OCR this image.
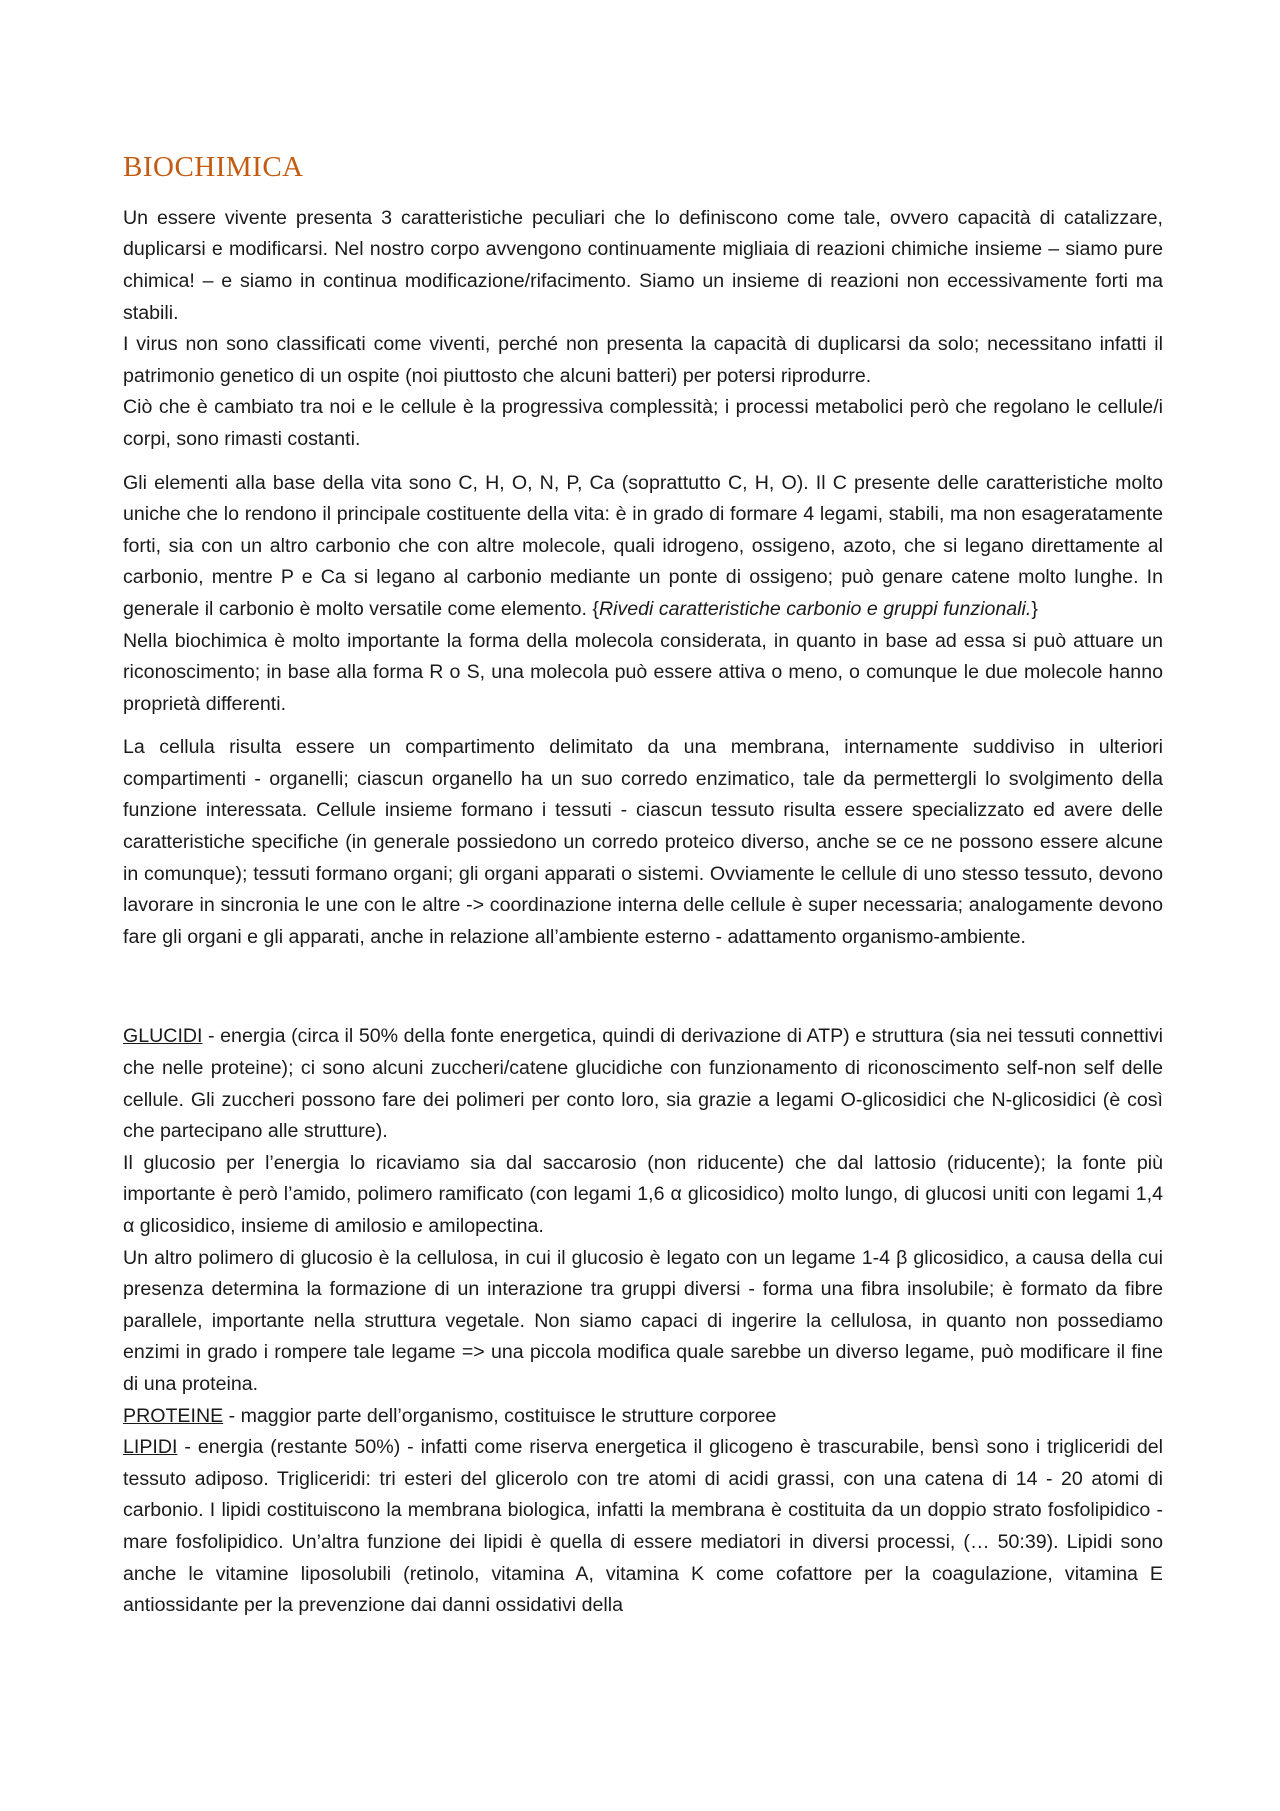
BIOCHIMICA

Un essere vivente presenta 3 caratteristiche peculiari che lo definiscono come tale, ovvero capacità di catalizzare, duplicarsi e modificarsi. Nel nostro corpo avvengono continuamente migliaia di reazioni chimiche insieme – siamo pure chimica! – e siamo in continua modificazione/rifacimento. Siamo un insieme di reazioni non eccessivamente forti ma stabili.

I virus non sono classificati come viventi, perché non presenta la capacità di duplicarsi da solo; necessitano infatti il patrimonio genetico di un ospite (noi piuttosto che alcuni batteri) per potersi riprodurre.

Ciò che è cambiato tra noi e le cellule è la progressiva complessità; i processi metabolici però che regolano le cellule/i corpi, sono rimasti costanti.

Gli elementi alla base della vita sono C, H, O, N, P, Ca (soprattutto C, H, O). Il C presente delle caratteristiche molto uniche che lo rendono il principale costituente della vita: è in grado di formare 4 legami, stabili, ma non esageratamente forti, sia con un altro carbonio che con altre molecole, quali idrogeno, ossigeno, azoto, che si legano direttamente al carbonio, mentre P e Ca si legano al carbonio mediante un ponte di ossigeno; può genare catene molto lunghe. In generale il carbonio è molto versatile come elemento. {Rivedi caratteristiche carbonio e gruppi funzionali.}

Nella biochimica è molto importante la forma della molecola considerata, in quanto in base ad essa si può attuare un riconoscimento; in base alla forma R o S, una molecola può essere attiva o meno, o comunque le due molecole hanno proprietà differenti.

La cellula risulta essere un compartimento delimitato da una membrana, internamente suddiviso in ulteriori compartimenti - organelli; ciascun organello ha un suo corredo enzimatico, tale da permettergli lo svolgimento della funzione interessata. Cellule insieme formano i tessuti - ciascun tessuto risulta essere specializzato ed avere delle caratteristiche specifiche (in generale possiedono un corredo proteico diverso, anche se ce ne possono essere alcune in comunque); tessuti formano organi; gli organi apparati o sistemi. Ovviamente le cellule di uno stesso tessuto, devono lavorare in sincronia le une con le altre -> coordinazione interna delle cellule è super necessaria; analogamente devono fare gli organi e gli apparati, anche in relazione all’ambiente esterno - adattamento organismo-ambiente.

GLUCIDI - energia (circa il 50% della fonte energetica, quindi di derivazione di ATP) e struttura (sia nei tessuti connettivi che nelle proteine); ci sono alcuni zuccheri/catene glucidiche con funzionamento di riconoscimento self-non self delle cellule. Gli zuccheri possono fare dei polimeri per conto loro, sia grazie a legami O-glicosidici che N-glicosidici (è così che partecipano alle strutture).

Il glucosio per l’energia lo ricaviamo sia dal saccarosio (non riducente) che dal lattosio (riducente); la fonte più importante è però l’amido, polimero ramificato (con legami 1,6 α glicosidico) molto lungo, di glucosi uniti con legami 1,4 α glicosidico, insieme di amilosio e amilopectina.

Un altro polimero di glucosio è la cellulosa, in cui il glucosio è legato con un legame 1-4 β glicosidico, a causa della cui presenza determina la formazione di un interazione tra gruppi diversi - forma una fibra insolubile; è formato da fibre parallele, importante nella struttura vegetale. Non siamo capaci di ingerire la cellulosa, in quanto non possediamo enzimi in grado i rompere tale legame => una piccola modifica quale sarebbe un diverso legame, può modificare il fine di una proteina.

PROTEINE - maggior parte dell’organismo, costituisce le strutture corporee

LIPIDI - energia (restante 50%) - infatti come riserva energetica il glicogeno è trascurabile, bensì sono i trigliceridi del tessuto adiposo. Trigliceridi: tri esteri del glicerolo con tre atomi di acidi grassi, con una catena di 14 - 20 atomi di carbonio. I lipidi costituiscono la membrana biologica, infatti la membrana è costituita da un doppio strato fosfolipidico - mare fosfolipidico. Un’altra funzione dei lipidi è quella di essere mediatori in diversi processi, (… 50:39). Lipidi sono anche le vitamine liposolubili (retinolo, vitamina A, vitamina K come cofattore per la coagulazione, vitamina E antiossidante per la prevenzione dai danni ossidativi della
